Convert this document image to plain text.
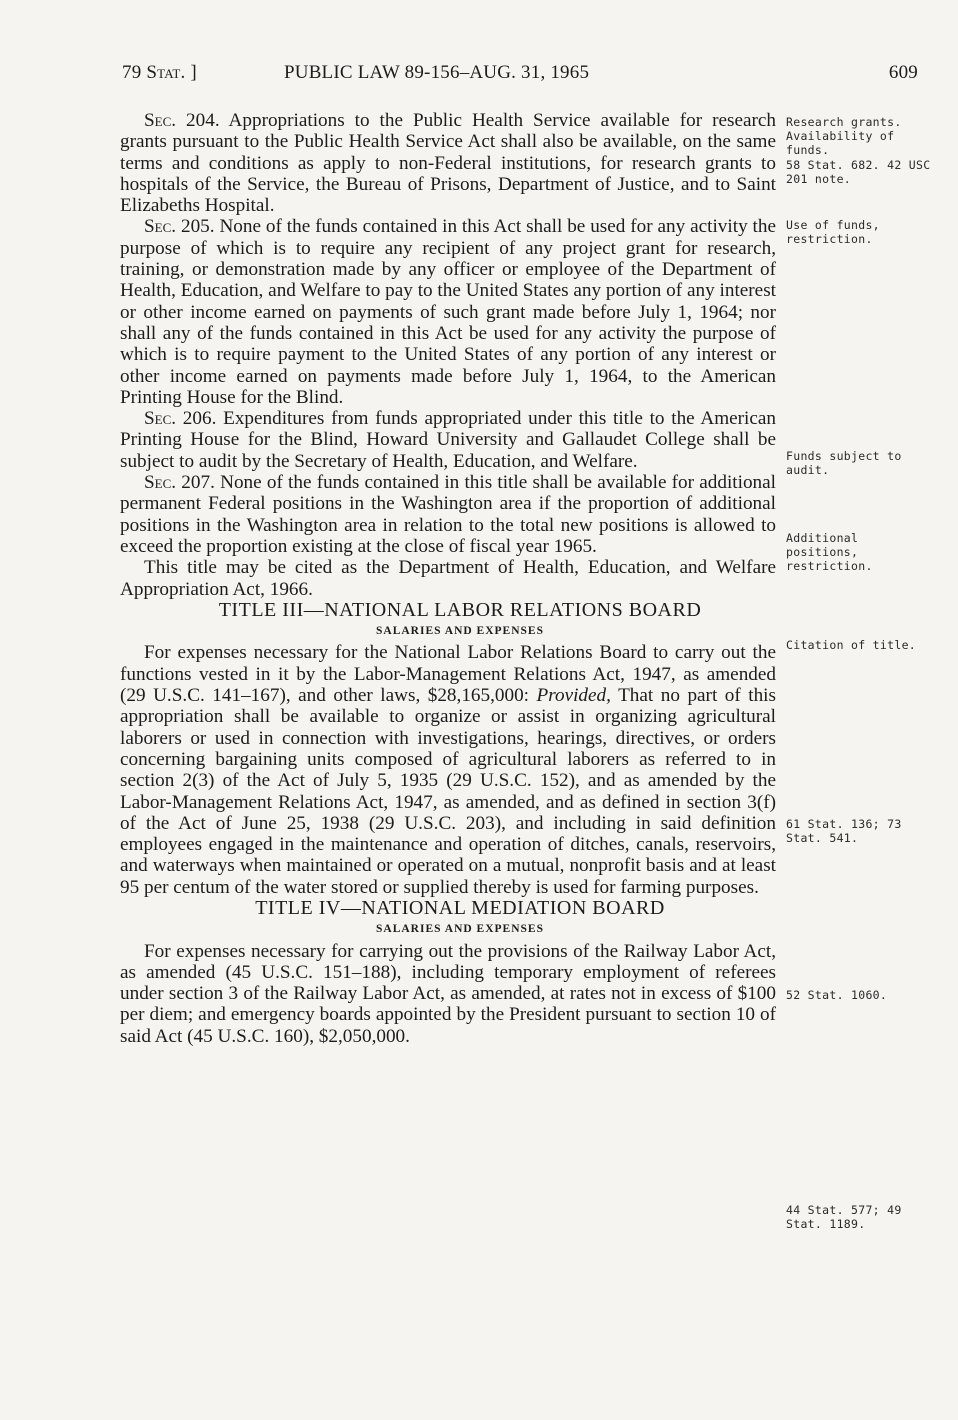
79 Stat. ]	PUBLIC LAW 89-156–AUG. 31, 1965	609

Sec. 204. Appropriations to the Public Health Service available for research grants pursuant to the Public Health Service Act shall also be available, on the same terms and conditions as apply to non-Federal institutions, for research grants to hospitals of the Service, the Bureau of Prisons, Department of Justice, and to Saint Elizabeths Hospital.

Sec. 205. None of the funds contained in this Act shall be used for any activity the purpose of which is to require any recipient of any project grant for research, training, or demonstration made by any officer or employee of the Department of Health, Education, and Welfare to pay to the United States any portion of any interest or other income earned on payments of such grant made before July 1, 1964; nor shall any of the funds contained in this Act be used for any activity the purpose of which is to require payment to the United States of any portion of any interest or other income earned on payments made before July 1, 1964, to the American Printing House for the Blind.

Sec. 206. Expenditures from funds appropriated under this title to the American Printing House for the Blind, Howard University and Gallaudet College shall be subject to audit by the Secretary of Health, Education, and Welfare.

Sec. 207. None of the funds contained in this title shall be available for additional permanent Federal positions in the Washington area if the proportion of additional positions in the Washington area in relation to the total new positions is allowed to exceed the proportion existing at the close of fiscal year 1965.

This title may be cited as the Department of Health, Education, and Welfare Appropriation Act, 1966.

TITLE III—NATIONAL LABOR RELATIONS BOARD

SALARIES AND EXPENSES

For expenses necessary for the National Labor Relations Board to carry out the functions vested in it by the Labor-Management Relations Act, 1947, as amended (29 U.S.C. 141–167), and other laws, $28,165,000: Provided, That no part of this appropriation shall be available to organize or assist in organizing agricultural laborers or used in connection with investigations, hearings, directives, or orders concerning bargaining units composed of agricultural laborers as referred to in section 2(3) of the Act of July 5, 1935 (29 U.S.C. 152), and as amended by the Labor-Management Relations Act, 1947, as amended, and as defined in section 3(f) of the Act of June 25, 1938 (29 U.S.C. 203), and including in said definition employees engaged in the maintenance and operation of ditches, canals, reservoirs, and waterways when maintained or operated on a mutual, nonprofit basis and at least 95 per centum of the water stored or supplied thereby is used for farming purposes.

TITLE IV—NATIONAL MEDIATION BOARD

SALARIES AND EXPENSES

For expenses necessary for carrying out the provisions of the Railway Labor Act, as amended (45 U.S.C. 151–188), including temporary employment of referees under section 3 of the Railway Labor Act, as amended, at rates not in excess of $100 per diem; and emergency boards appointed by the President pursuant to section 10 of said Act (45 U.S.C. 160), $2,050,000.

Research grants. Availability of funds.
58 Stat. 682. 42 USC 201 note.
Use of funds, restriction.
Funds subject to audit.
Additional positions, restriction.
Citation of title.
61 Stat. 136; 73 Stat. 541.
52 Stat. 1060.
44 Stat. 577; 49 Stat. 1189.
